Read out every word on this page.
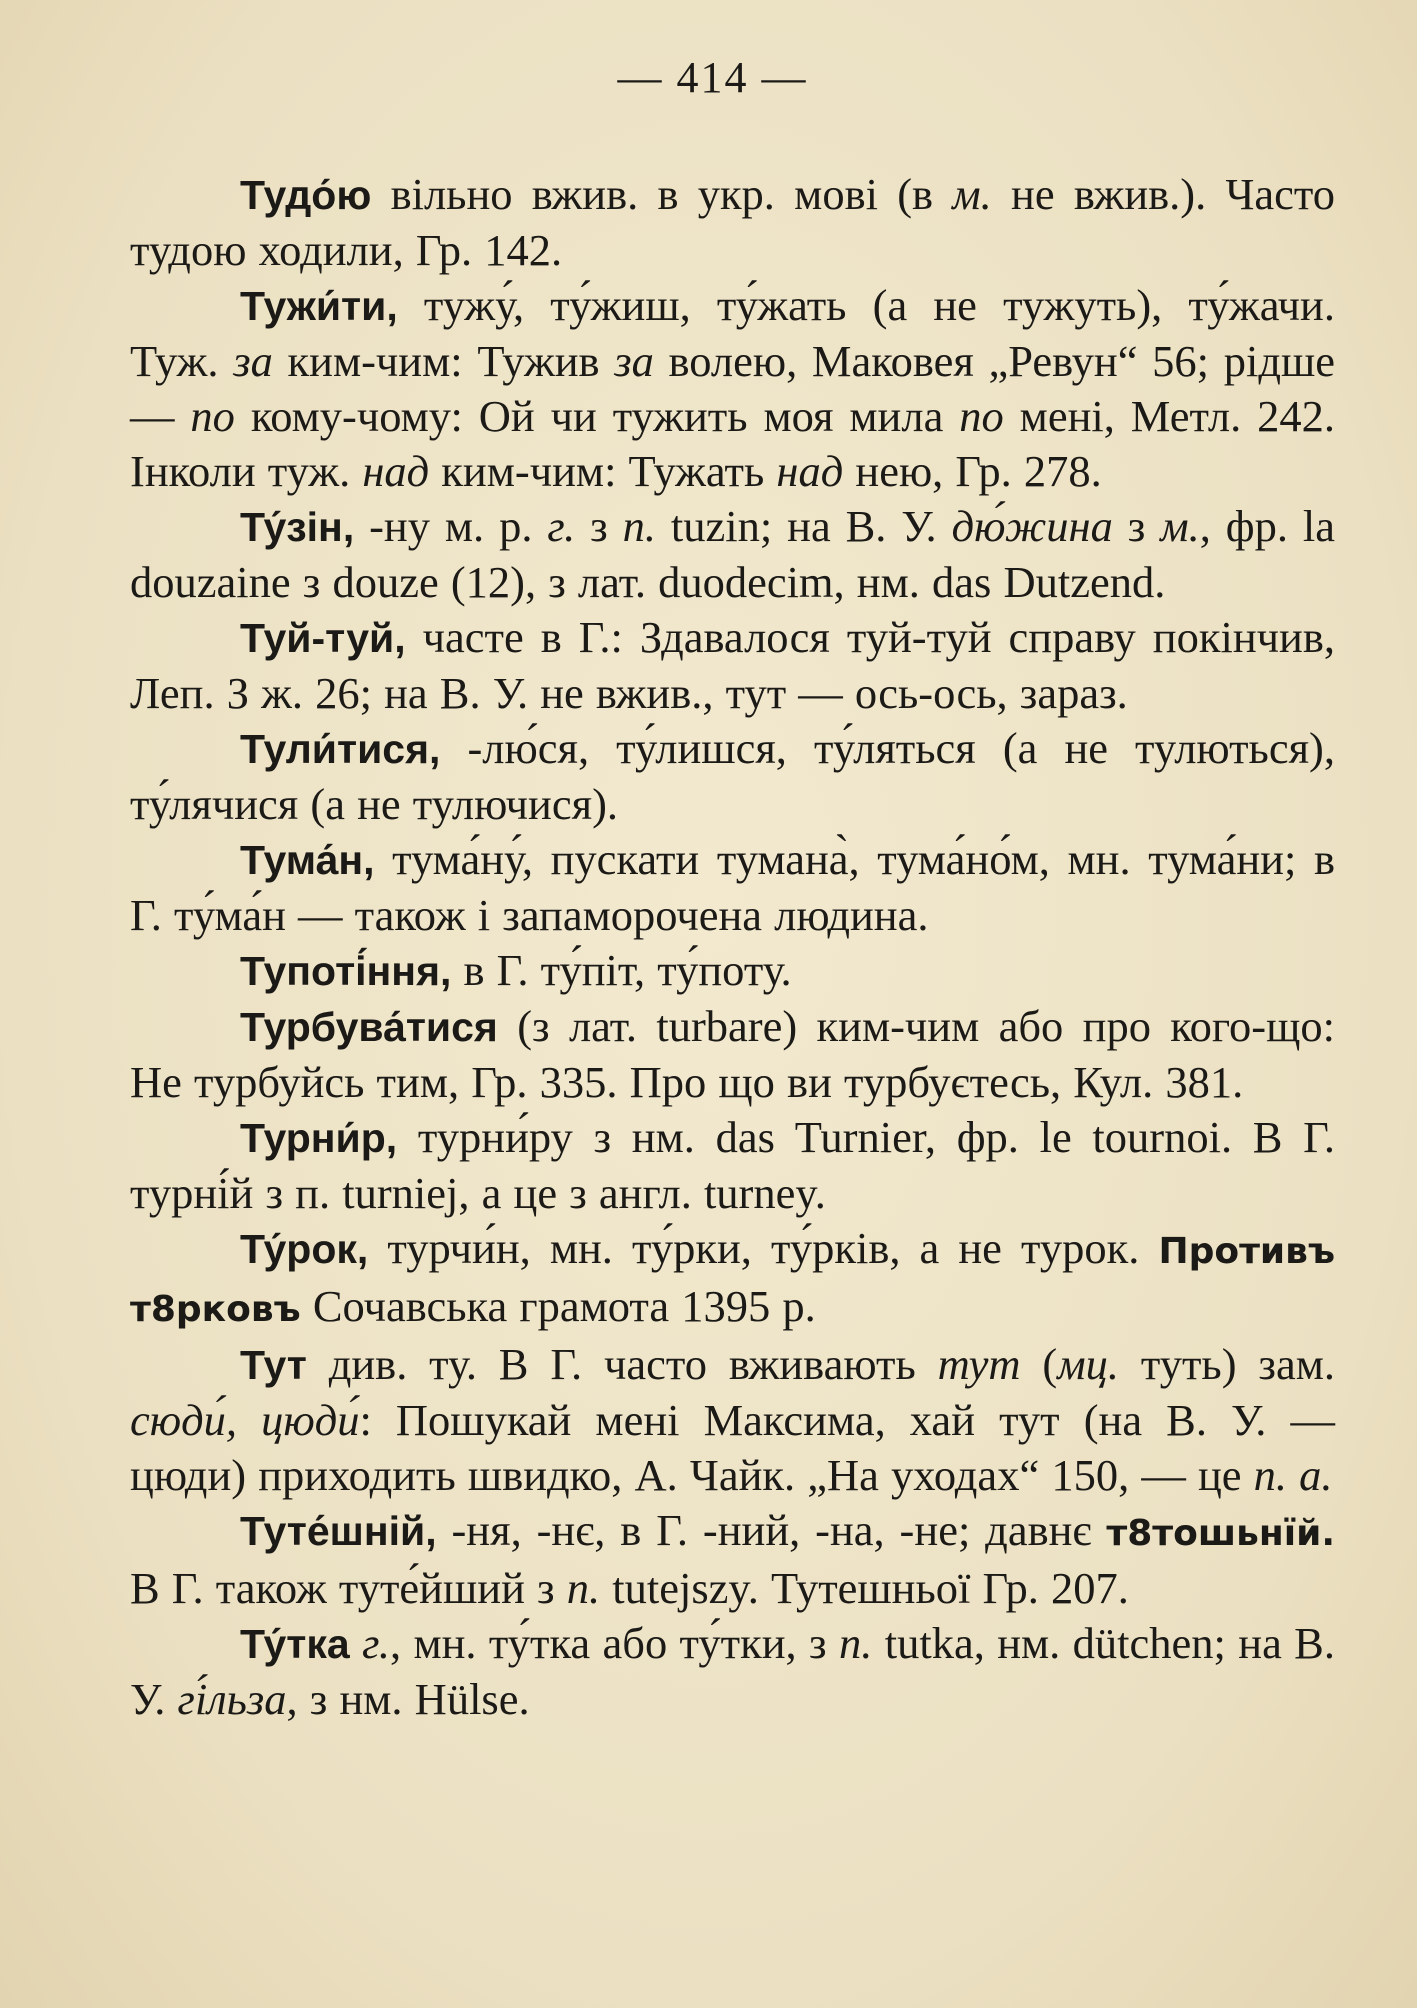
— 414 —

Тудо́ю вільно вжив. в укр. мові (в м. не вжив.). Часто тудою ходили, Гр. 142.

Тужи́ти, тужу́, ту́жиш, ту́жать (а не тужуть), ту́жачи. Туж. за ким-чим: Тужив за волею, Маковея „Ревун“ 56; рідше — по кому-чому: Ой чи тужить моя мила по мені, Метл. 242. Інколи туж. над ким-чим: Тужать над нею, Гр. 278.

Ту́зін, -ну м. р. г. з п. tuzin; на В. У. дю́жина з м., фр. la douzaine з douze (12), з лат. duodecim, нм. das Dutzend.

Туй-туй, часте в Г.: Здавалося туй-туй справу покінчив, Леп. З ж. 26; на В. У. не вжив., тут — ось-ось, зараз.

Тули́тися, -лю́ся, ту́лишся, ту́ляться (а не тулються), ту́лячися (а не тулючися).

Тума́н, тума́ну́, пускати тумана̀, тума́но́м, мн. тума́ни; в Г. ту́ма́н — також і запаморочена людина.

Тупоті́ння, в Г. ту́піт, ту́поту.

Турбува́тися (з лат. turbare) ким-чим або про кого-що: Не турбуйсь тим, Гр. 335. Про що ви турбуєтесь, Кул. 381.

Турни́р, турни́ру з нм. das Turnier, фр. le tournoi. В Г. турні́й з п. turniej, а це з англ. turney.

Ту́рок, турчи́н, мн. ту́рки, ту́рків, а не турок. Противъ т8рковъ Сочавська грамота 1395 р.

Тут див. ту. В Г. часто вживають тут (мц. туть) зам. сюди́, цюди́: Пошукай мені Максима, хай тут (на В. У. — цюди) приходить швидко, А. Чайк. „На уходах“ 150, — це п. а.

Туте́шній, -ня, -нє, в Г. -ний, -на, -не; давнє т8тошьнїй. В Г. також туте́йший з п. tutejszy. Тутешньої Гр. 207.

Ту́тка г., мн. ту́тка або ту́тки, з п. tutka, нм. dütchen; на В. У. гі́льза, з нм. Hülse.
